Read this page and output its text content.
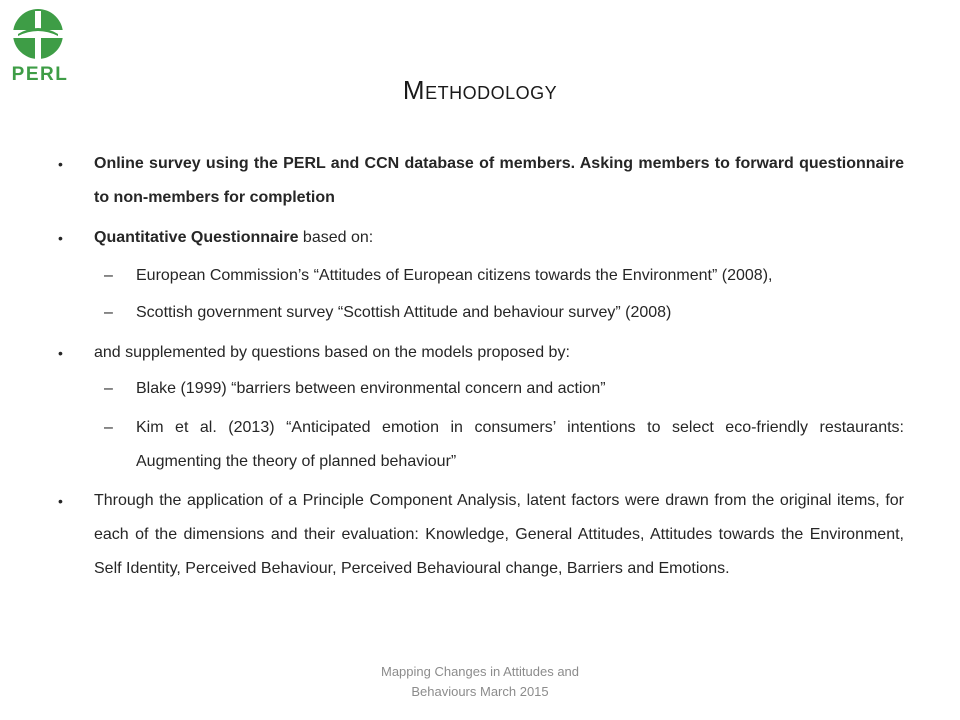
PERL
Methodology
• Online survey using the PERL and CCN database of members. Asking members to forward questionnaire to non-members for completion
• Quantitative Questionnaire based on:
– European Commission’s “Attitudes of European citizens towards the Environment” (2008),
– Scottish government survey “Scottish Attitude and behaviour survey” (2008)
• and supplemented by questions based on the models proposed by:
– Blake (1999) “barriers between environmental concern and action”
– Kim et al. (2013) “Anticipated emotion in consumers’ intentions to select eco-friendly restaurants: Augmenting the theory of planned behaviour”
• Through the application of a Principle Component Analysis, latent factors were drawn from the original items, for each of the dimensions and their evaluation: Knowledge, General Attitudes, Attitudes towards the Environment, Self Identity, Perceived Behaviour, Perceived Behavioural change, Barriers and Emotions.
Mapping Changes in Attitudes and
Behaviours March 2015
